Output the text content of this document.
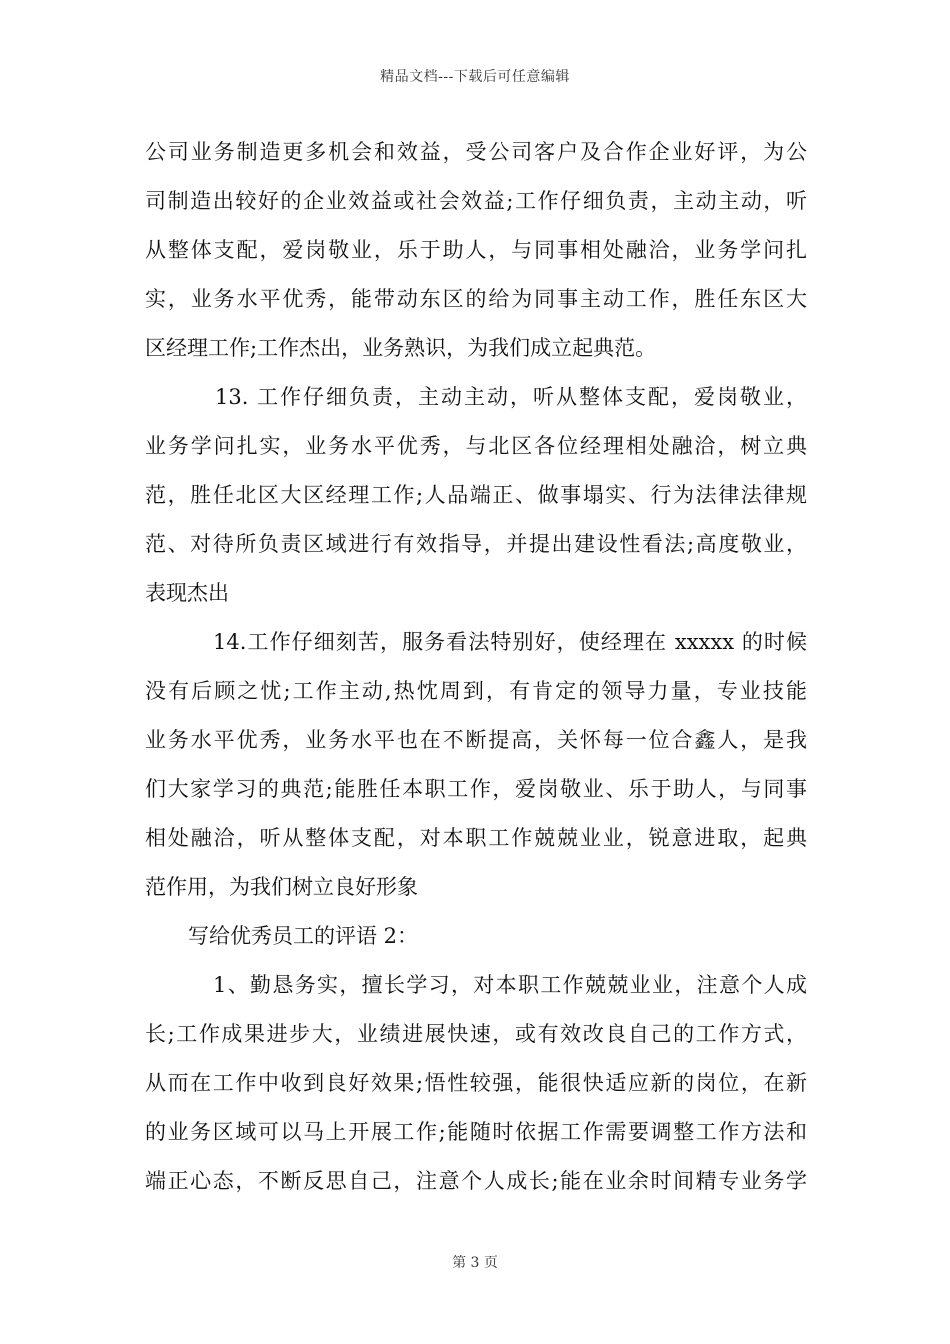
精品文档---下载后可任意编辑
公司业务制造更多机会和效益，受公司客户及合作企业好评，为公
司制造出较好的企业效益或社会效益;工作仔细负责，主动主动，听
从整体支配，爱岗敬业，乐于助人，与同事相处融洽，业务学问扎
实，业务水平优秀，能带动东区的给为同事主动工作，胜任东区大
区经理工作;工作杰出，业务熟识，为我们成立起典范。
13. 工作仔细负责，主动主动，听从整体支配，爱岗敬业，
业务学问扎实，业务水平优秀，与北区各位经理相处融洽，树立典
范，胜任北区大区经理工作;人品端正、做事塌实、行为法律法律规
范、对待所负责区域进行有效指导，并提出建设性看法;高度敬业，
表现杰出
14.工作仔细刻苦，服务看法特别好，使经理在 xxxxx 的时候
没有后顾之忧;工作主动,热忱周到，有肯定的领导力量，专业技能
业务水平优秀，业务水平也在不断提高，关怀每一位合鑫人，是我
们大家学习的典范;能胜任本职工作，爱岗敬业、乐于助人，与同事
相处融洽，听从整体支配，对本职工作兢兢业业，锐意进取，起典
范作用，为我们树立良好形象
写给优秀员工的评语 2：
1、勤恳务实，擅长学习，对本职工作兢兢业业，注意个人成
长;工作成果进步大，业绩进展快速，或有效改良自己的工作方式，
从而在工作中收到良好效果;悟性较强，能很快适应新的岗位，在新
的业务区域可以马上开展工作;能随时依据工作需要调整工作方法和
端正心态，不断反思自己，注意个人成长;能在业余时间精专业务学
第 3 页
